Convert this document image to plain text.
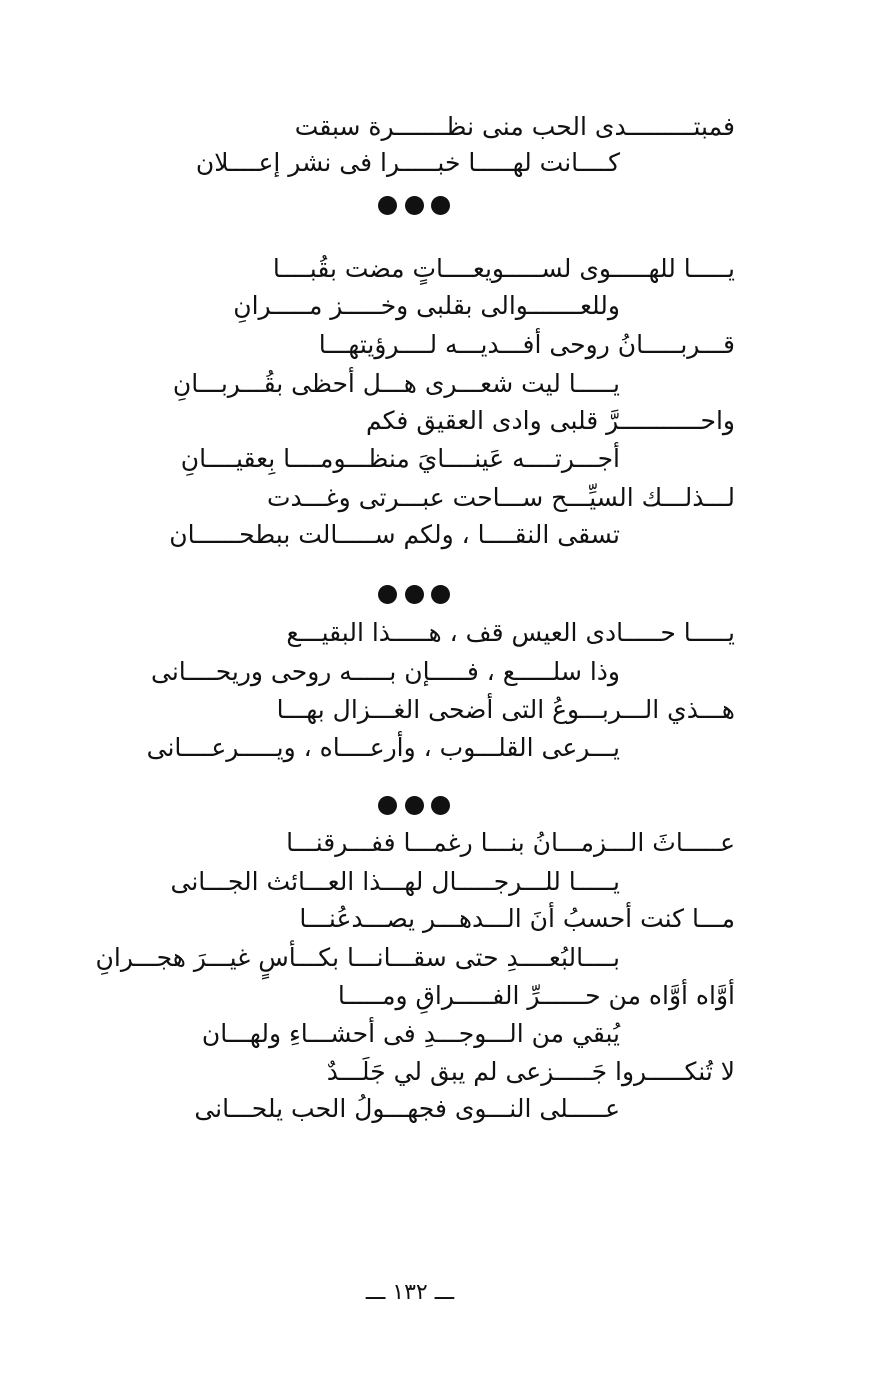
فمبتـــــــــدى الحب منى نظـــــــرة سبقت
كــــانت لهـــــا خبـــــرا فى نشر إعــــلان
يـــــا للهـــــوى لســـــويعــــاتٍ مضت بقُبــــا
وللعـــــــوالى بقلبى وخـــــز مـــــرانِ
قـــربـــــانُ روحى أفـــديـــه لــــرؤيتهـــا
يـــــا ليت شعـــرى هـــل أحظى بقُـــربـــانِ
واحـــــــــــرَّ قلبى وادى العقيق فكم
أجـــرتــــه عَينــــايَ منظـــومــــا بِعقيــــانِ
لـــذلـــك السيِّـــح ســـاحت عبـــرتى وغـــدت
تسقى النقــــا ، ولكم ســـــالت ببطحــــــان
يـــــا حـــــادى العيس قف ، هـــــذا البقيـــع
وذا سلـــــع ، فـــــإن بـــــه روحى وريحــــانى
هـــذي الـــربـــوعُ التى أضحى الغـــزال بهـــا
يـــرعى القلـــوب ، وأرعــــاه ، ويـــــرعــــانى
عـــــاثَ الـــزمـــانُ بنـــا رغمـــا ففـــرقنـــا
يـــــا للـــرجـــــال لهـــذا العـــائث الجـــانى
مـــا كنت أحسبُ أنَ الـــدهـــر يصـــدعُنـــا
بــــالبُعــــدِ حتى سقـــانـــا بكـــأسٍ غيـــرَ هجـــرانِ
أوَّاه أوَّاه من حــــــرِّ الفـــــراقِ ومـــــا
يُبقي من الـــوجـــدِ فى أحشـــاءِ ولهـــان
لا تُنكـــــروا جَـــــزعى لم يبق لي جَلَـــدٌ
عـــــلى النـــوى فجهـــولُ الحب يلحـــانى
ـــ ١٣٢ ـــ
